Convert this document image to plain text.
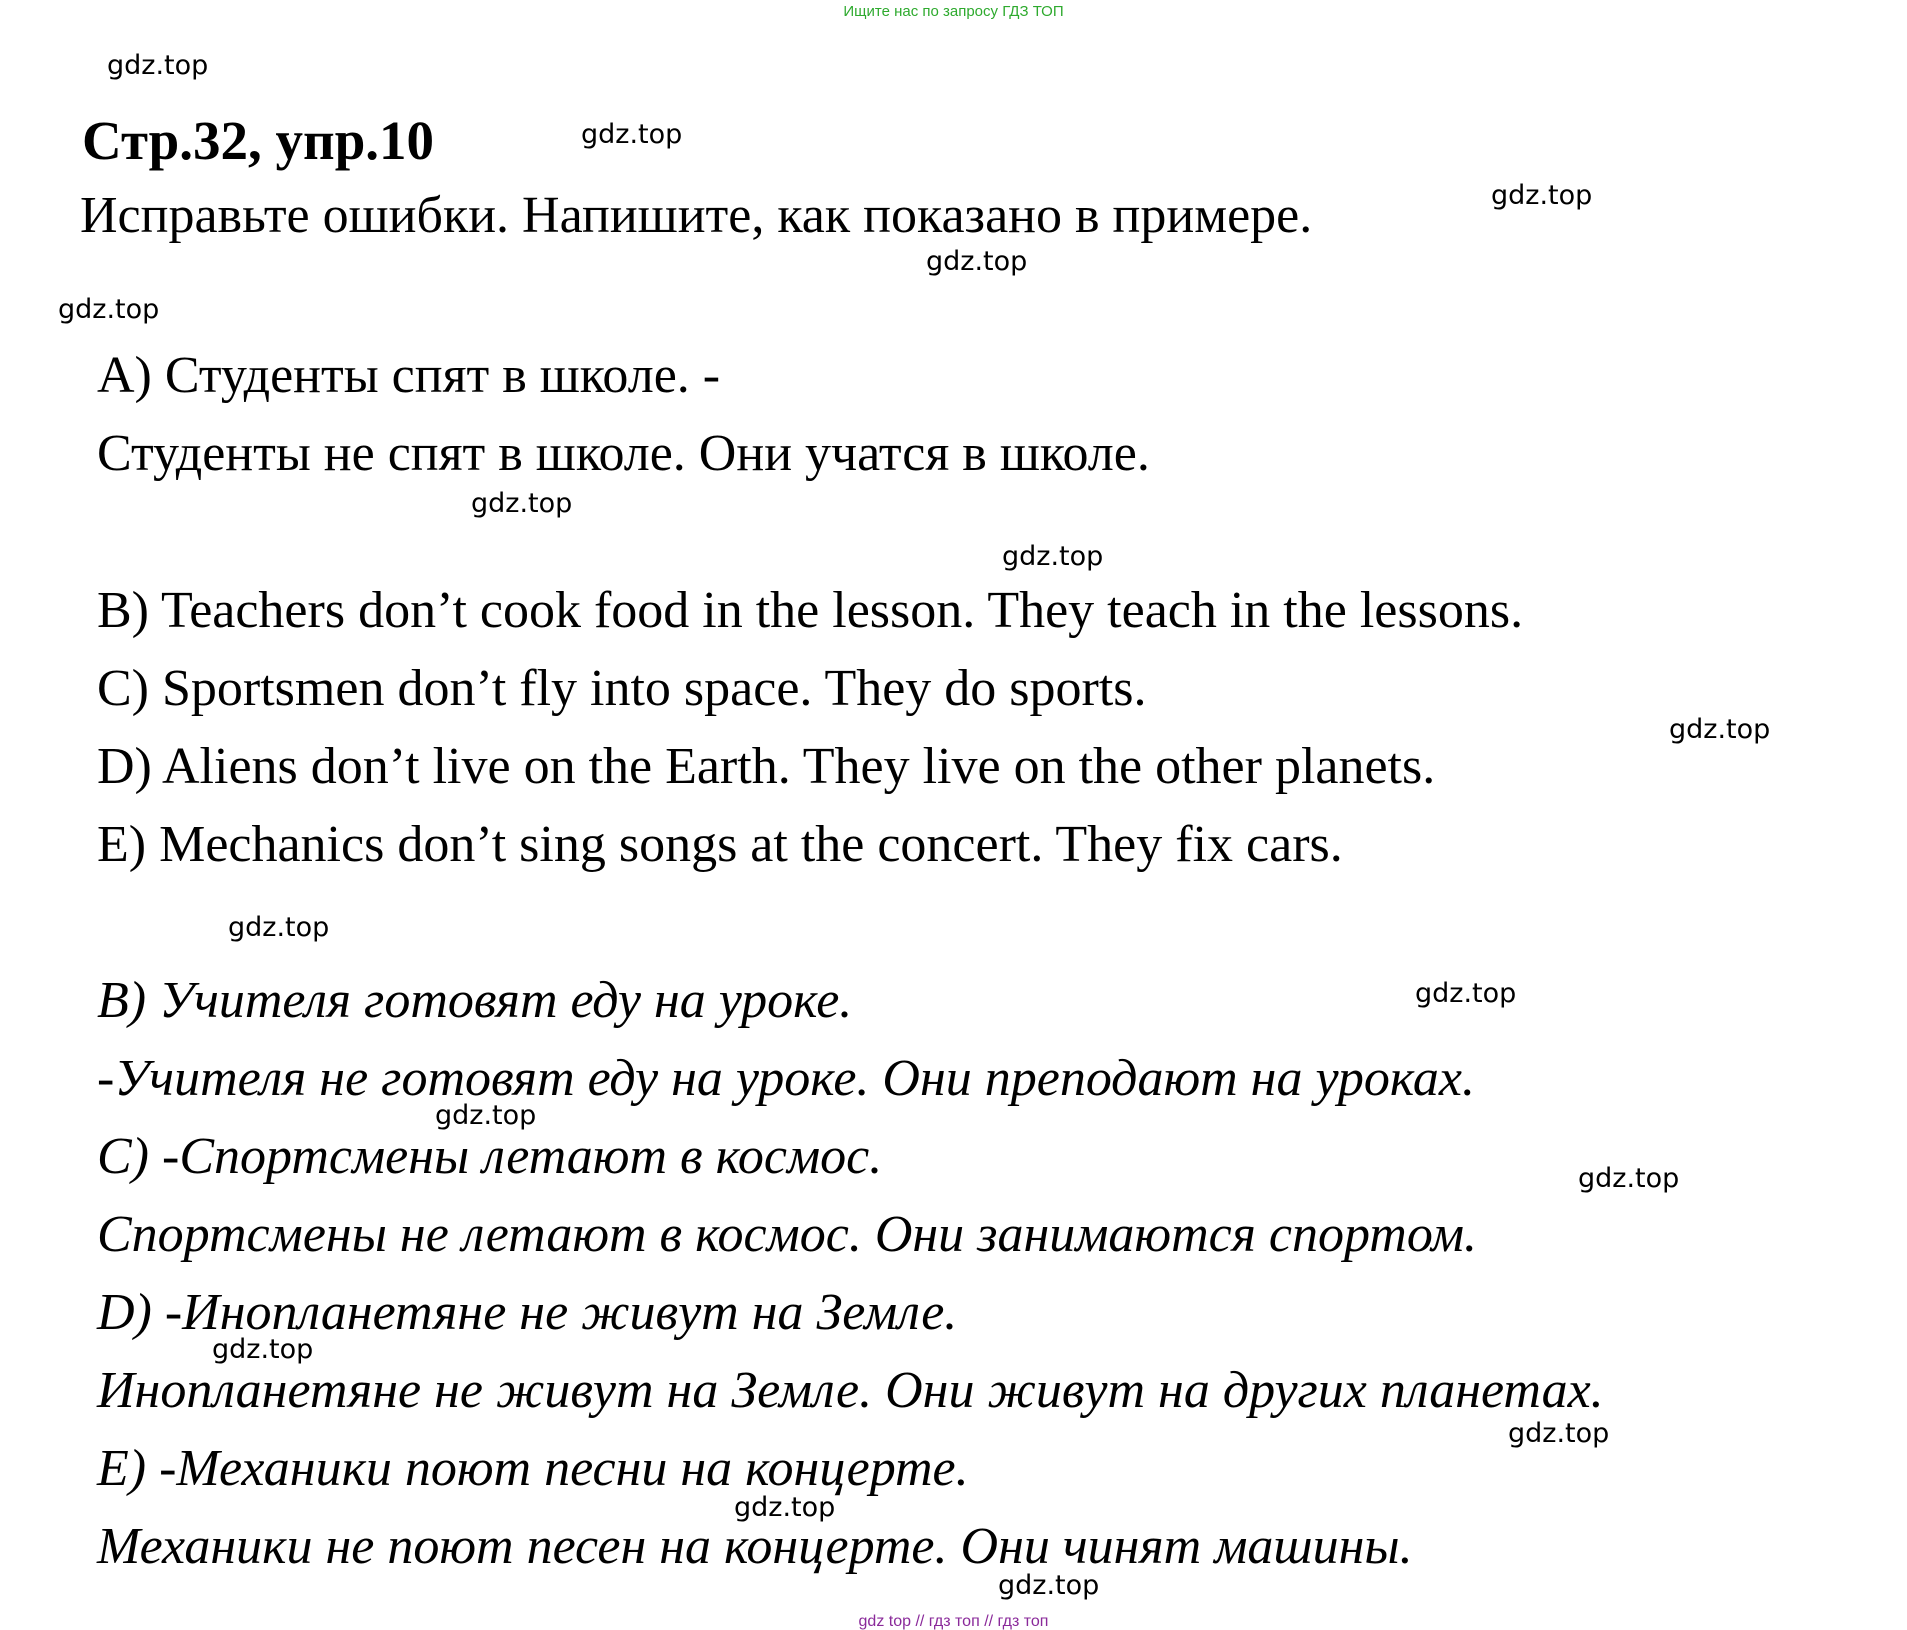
Ищите нас по запросу ГДЗ ТОП
gdz.top
gdz.top
gdz.top
gdz.top
gdz.top
gdz.top
gdz.top
gdz.top
gdz.top
gdz.top
gdz.top
gdz.top
gdz.top
gdz.top
gdz.top
gdz.top
Стр.32, упр.10
Исправьте ошибки. Напишите, как показано в примере.
A) Студенты спят в школе. -
Студенты не спят в школе. Они учатся в школе.
B) Teachers don’t cook food in the lesson. They teach in the lessons.
C) Sportsmen don’t fly into space. They do sports.
D) Aliens don’t live on the Earth. They live on the other planets.
E) Mechanics don’t sing songs at the concert. They fix cars.
B) Учителя готовят еду на уроке.
-Учителя не готовят еду на уроке. Они преподают на уроках.
C) -Спортсмены летают в космос.
Спортсмены не летают в космос. Они занимаются спортом.
D) -Инопланетяне не живут на Земле.
Инопланетяне не живут на Земле. Они живут на других планетах.
E) -Механики поют песни на концерте.
Механики не поют песен на концерте. Они чинят машины.
gdz top // гдз топ // гдз топ
